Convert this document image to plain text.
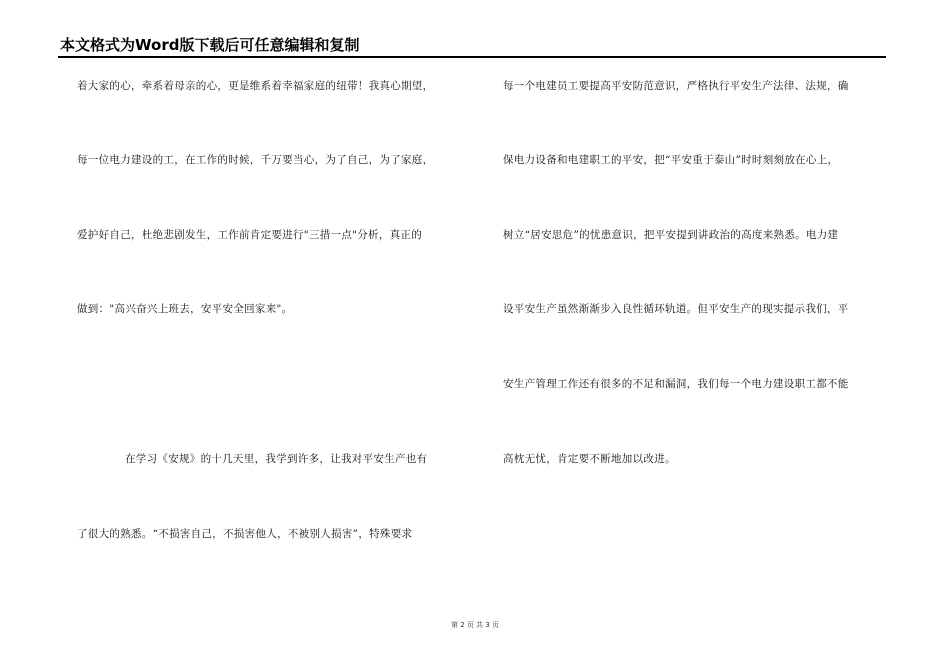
本文格式为Word版下载后可任意编辑和复制
着大家的心，牵系着母亲的心，更是维系着幸福家庭的纽带！我真心期望，
每一位电力建设的工，在工作的时候，千万要当心，为了自己，为了家庭，
爱护好自己，杜绝悲剧发生，工作前肯定要进行"三措一点"分析，真正的
做到："高兴奋兴上班去，安平安全回家来"。
在学习《安规》的十几天里，我学到许多，让我对平安生产也有
了很大的熟悉。“不损害自己，不损害他人，不被别人损害”，特殊要求
每一个电建员工要提高平安防范意识，严格执行平安生产法律、法规，确
保电力设备和电建职工的平安，把“平安重于泰山”时时刻刻放在心上，
树立“居安思危”的忧患意识，把平安提到讲政治的高度来熟悉。电力建
设平安生产虽然渐渐步入良性循环轨道。但平安生产的现实提示我们，平
安生产管理工作还有很多的不足和漏洞，我们每一个电力建设职工都不能
高枕无忧，肯定要不断地加以改进。
第 2 页 共 3 页
